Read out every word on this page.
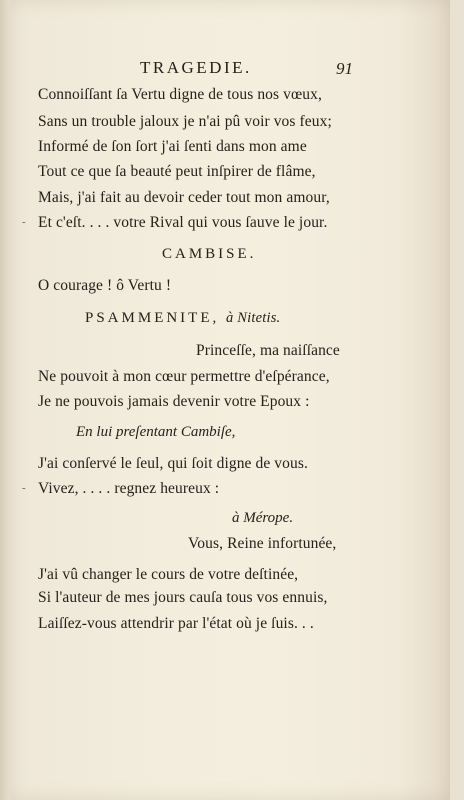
TRAGEDIE.	91
Connoiſſant ſa Vertu digne de tous nos vœux,
Sans un trouble jaloux je n'ai pû voir vos feux;
Informé de ſon ſort j'ai ſenti dans mon ame
Tout ce que ſa beauté peut inſpirer de flâme,
Mais, j'ai fait au devoir ceder tout mon amour,
Et c'eſt. . . . votre Rival qui vous ſauve le jour.
CAMBISE.
O courage ! ô Vertu !
PSAMMENITE, à Nitetis.
Princeſſe, ma naiſſance
Ne pouvoit à mon cœur permettre d'eſpérance,
Je ne pouvois jamais devenir votre Epoux :
En lui preſentant Cambiſe,
J'ai conſervé le ſeul, qui ſoit digne de vous.
Vivez, . . . . regnez heureux :
à Mérope.
Vous, Reine infortunée,
J'ai vû changer le cours de votre deſtinée,
Si l'auteur de mes jours cauſa tous vos ennuis,
Laiſſez-vous attendrir par l'état où je ſuis. . .
-
-
